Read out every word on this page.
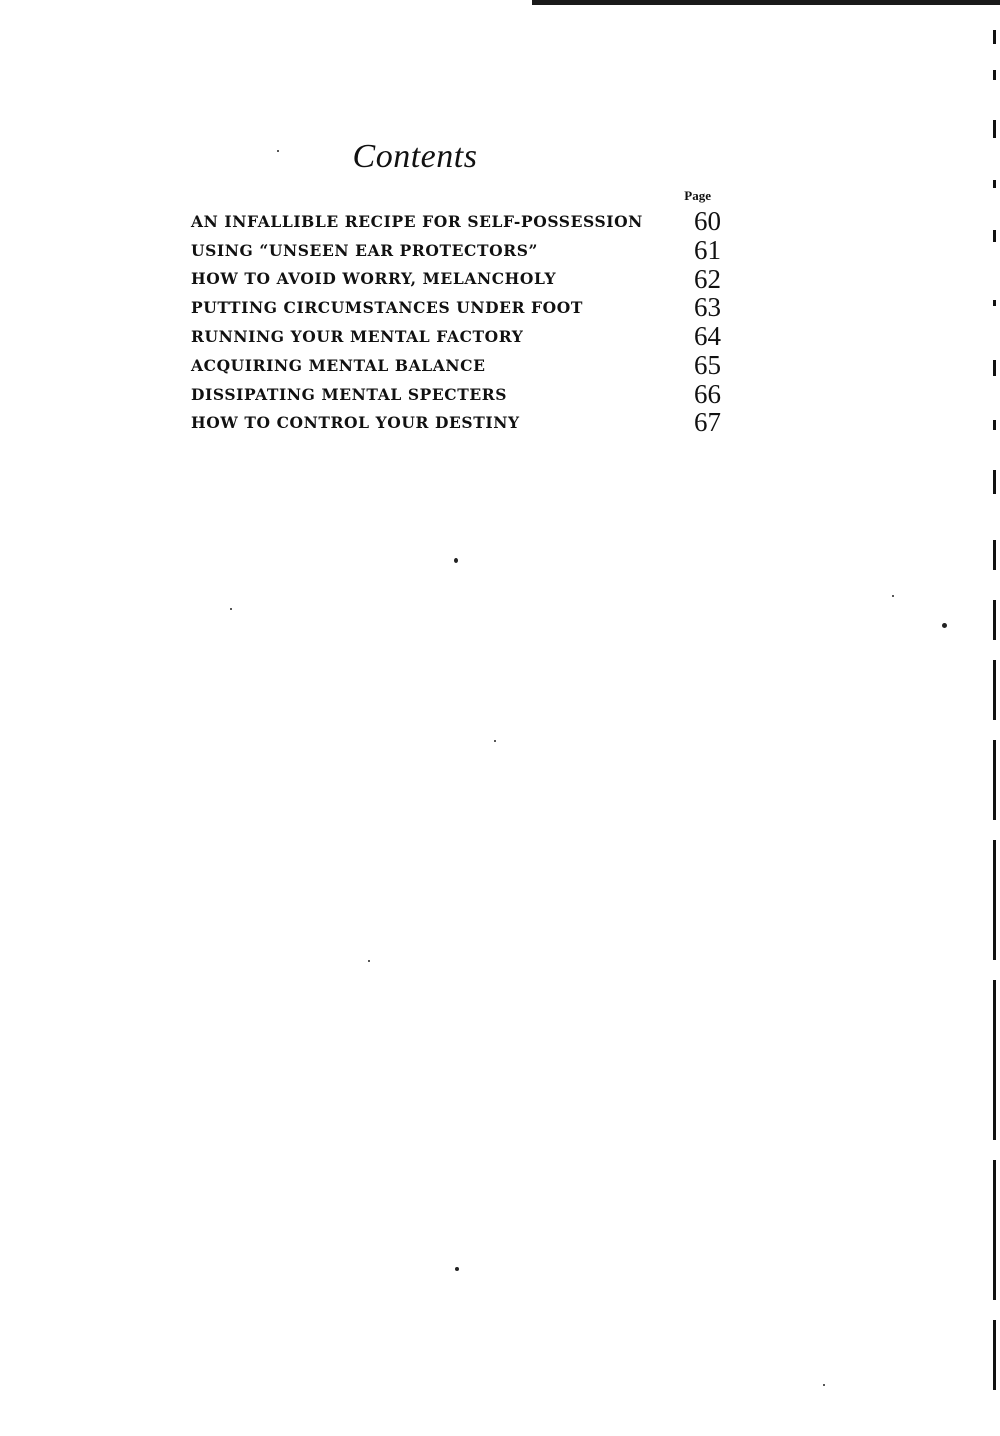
Contents
Page
AN INFALLIBLE RECIPE FOR SELF-POSSESSION	60
USING “UNSEEN EAR PROTECTORS”	61
HOW TO AVOID WORRY, MELANCHOLY	62
PUTTING CIRCUMSTANCES UNDER FOOT	63
RUNNING YOUR MENTAL FACTORY	64
ACQUIRING MENTAL BALANCE	65
DISSIPATING MENTAL SPECTERS	66
HOW TO CONTROL YOUR DESTINY	67
